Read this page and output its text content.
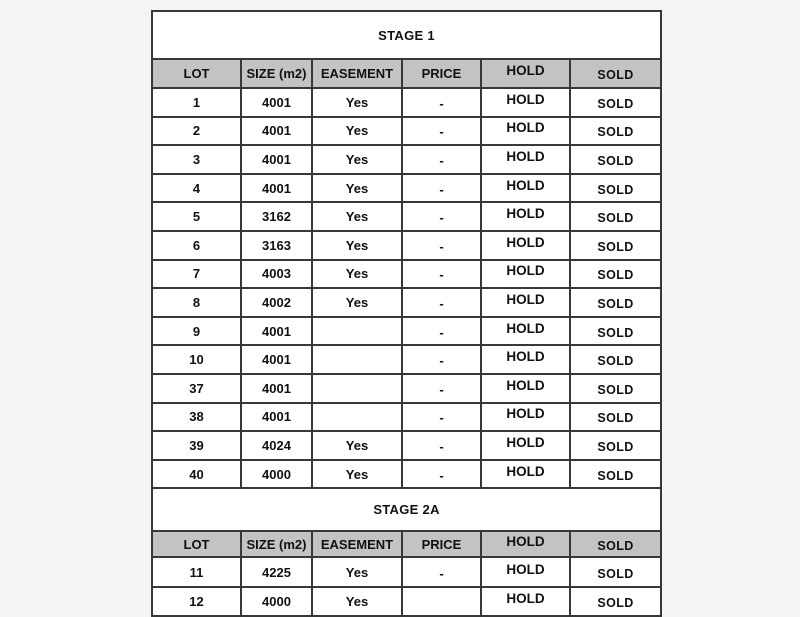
STAGE 1					
LOT	SIZE (m2)	EASEMENT	PRICE	HOLD	SOLD
1	4001	Yes	-	HOLD	SOLD
2	4001	Yes	-	HOLD	SOLD
3	4001	Yes	-	HOLD	SOLD
4	4001	Yes	-	HOLD	SOLD
5	3162	Yes	-	HOLD	SOLD
6	3163	Yes	-	HOLD	SOLD
7	4003	Yes	-	HOLD	SOLD
8	4002	Yes	-	HOLD	SOLD
9	4001		-	HOLD	SOLD
10	4001		-	HOLD	SOLD
37	4001		-	HOLD	SOLD
38	4001		-	HOLD	SOLD
39	4024	Yes	-	HOLD	SOLD
40	4000	Yes	-	HOLD	SOLD
STAGE 2A					
LOT	SIZE (m2)	EASEMENT	PRICE	HOLD	SOLD
11	4225	Yes	-	HOLD	SOLD
12	4000	Yes		HOLD	SOLD
